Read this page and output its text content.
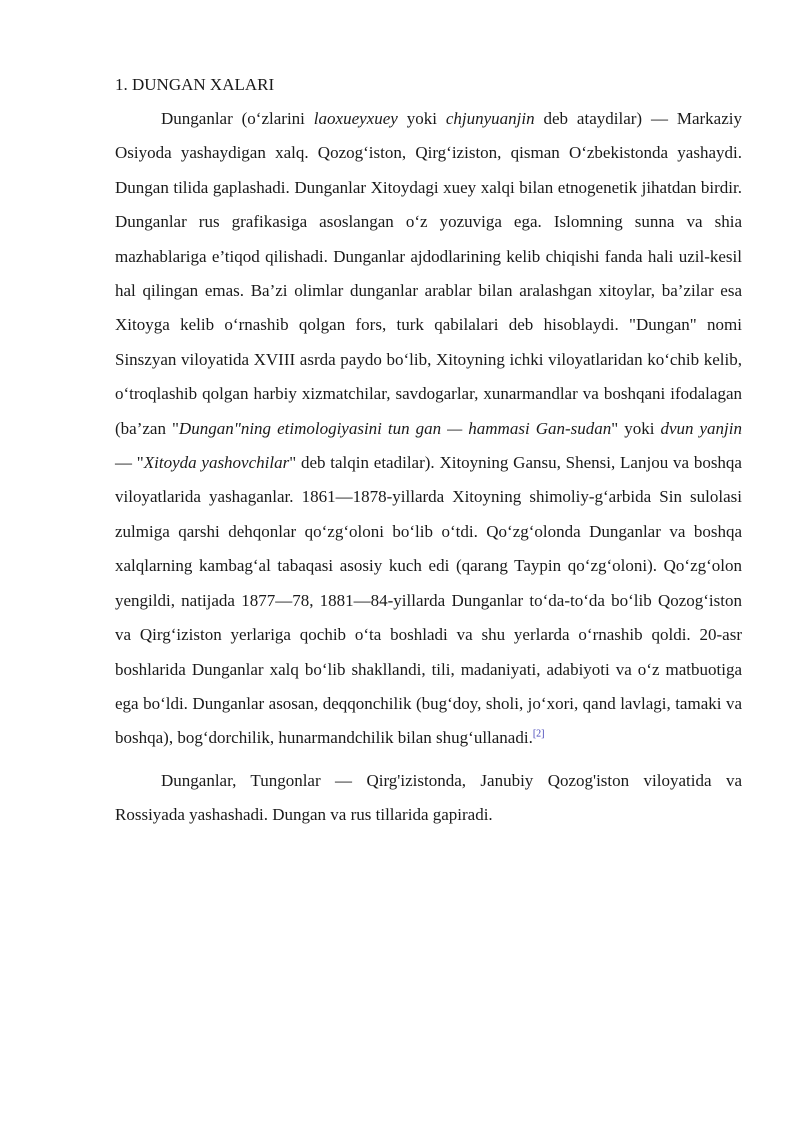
1. DUNGAN XALARI

Dunganlar (o‘zlarini laoxueyxuey yoki chjunyuanjin deb ataydilar) — Markaziy Osiyoda yashaydigan xalq. Qozog‘iston, Qirg‘iziston, qisman O‘zbekistonda yashaydi. Dungan tilida gaplashadi. Dunganlar Xitoydagi xuey xalqi bilan etnogenetik jihatdan birdir. Dunganlar rus grafikasiga asoslangan o‘z yozuviga ega. Islomning sunna va shia mazhablariga e’tiqod qilishadi. Dunganlar ajdodlarining kelib chiqishi fanda hali uzil-kesil hal qilingan emas. Ba’zi olimlar dunganlar arablar bilan aralashgan xitoylar, ba’zilar esa Xitoyga kelib o‘rnashib qolgan fors, turk qabilalari deb hisoblaydi. "Dungan" nomi Sinszyan viloyatida XVIII asrda paydo bo‘lib, Xitoyning ichki viloyatlaridan ko‘chib kelib, o‘troqlashib qolgan harbiy xizmatchilar, savdogarlar, xunarmandlar va boshqani ifodalagan (ba’zan "Dungan"ning etimologiyasini tun gan — hammasi Gan-sudan" yoki dvun yanjin — "Xitoyda yashovchilar" deb talqin etadilar). Xitoyning Gansu, Shensi, Lanjou va boshqa viloyatlarida yashaganlar. 1861—1878-yillarda Xitoyning shimoliy-g‘arbida Sin sulolasi zulmiga qarshi dehqonlar qo‘zg‘oloni bo‘lib o‘tdi. Qo‘zg‘olonda Dunganlar va boshqa xalqlarning kambag‘al tabaqasi asosiy kuch edi (qarang Taypin qo‘zg‘oloni). Qo‘zg‘olon yengildi, natijada 1877—78, 1881—84-yillarda Dunganlar to‘da-to‘da bo‘lib Qozog‘iston va Qirg‘iziston yerlariga qochib o‘ta boshladi va shu yerlarda o‘rnashib qoldi. 20-asr boshlarida Dunganlar xalq bo‘lib shakllandi, tili, madaniyati, adabiyoti va o‘z matbuotiga ega bo‘ldi. Dunganlar asosan, deqqonchilik (bug‘doy, sholi, jo‘xori, qand lavlagi, tamaki va boshqa), bog‘dorchilik, hunarmandchilik bilan shug‘ullanadi.[2]

Dunganlar, Tungonlar — Qirg'izistonda, Janubiy Qozog'iston viloyatida va Rossiyada yashashadi. Dungan va rus tillarida gapiradi.
